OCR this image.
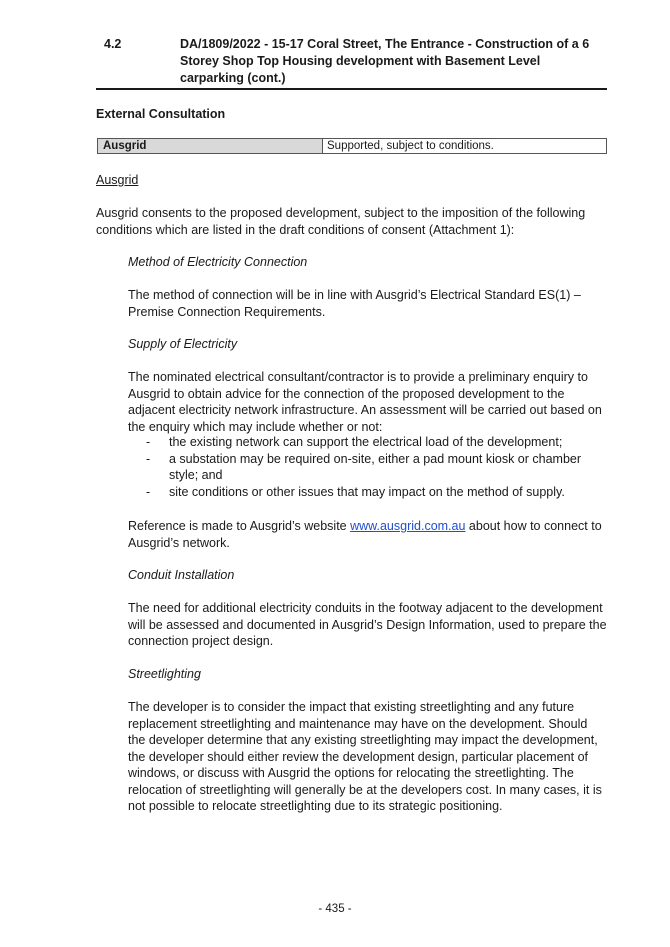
4.2	DA/1809/2022 - 15-17 Coral Street, The Entrance - Construction of a 6 Storey Shop Top Housing development with Basement Level carparking (cont.)
External Consultation
Ausgrid	Supported, subject to conditions.
Ausgrid

Ausgrid consents to the proposed development, subject to the imposition of the following conditions which are listed in the draft conditions of consent (Attachment 1):

Method of Electricity Connection

The method of connection will be in line with Ausgrid’s Electrical Standard ES(1) – Premise Connection Requirements.

Supply of Electricity

The nominated electrical consultant/contractor is to provide a preliminary enquiry to Ausgrid to obtain advice for the connection of the proposed development to the adjacent electricity network infrastructure. An assessment will be carried out based on the enquiry which may include whether or not:

- the existing network can support the electrical load of the development;
- a substation may be required on-site, either a pad mount kiosk or chamber style; and
- site conditions or other issues that may impact on the method of supply.

Reference is made to Ausgrid’s website www.ausgrid.com.au about how to connect to Ausgrid’s network.

Conduit Installation

The need for additional electricity conduits in the footway adjacent to the development will be assessed and documented in Ausgrid’s Design Information, used to prepare the connection project design.

Streetlighting

The developer is to consider the impact that existing streetlighting and any future replacement streetlighting and maintenance may have on the development. Should the developer determine that any existing streetlighting may impact the development, the developer should either review the development design, particular placement of windows, or discuss with Ausgrid the options for relocating the streetlighting. The relocation of streetlighting will generally be at the developers cost. In many cases, it is not possible to relocate streetlighting due to its strategic positioning.

- 435 -
